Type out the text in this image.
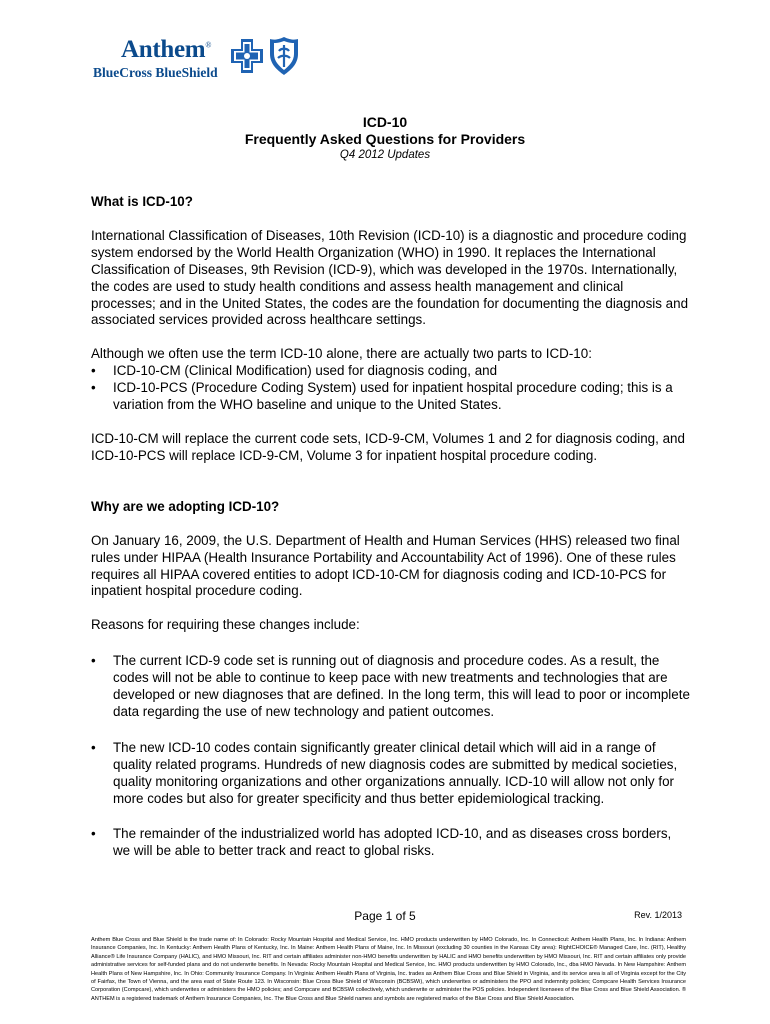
Anthem®
BlueCross BlueShield
ICD-10
Frequently Asked Questions for Providers
Q4 2012 Updates
What is ICD-10?

International Classification of Diseases, 10th Revision (ICD-10) is a diagnostic and procedure coding system endorsed by the World Health Organization (WHO) in 1990. It replaces the International Classification of Diseases, 9th Revision (ICD-9), which was developed in the 1970s. Internationally, the codes are used to study health conditions and assess health management and clinical processes; and in the United States, the codes are the foundation for documenting the diagnosis and associated services provided across healthcare settings.

Although we often use the term ICD-10 alone, there are actually two parts to ICD-10:

•	ICD-10-CM (Clinical Modification) used for diagnosis coding, and
•	ICD-10-PCS (Procedure Coding System) used for inpatient hospital procedure coding; this is a variation from the WHO baseline and unique to the United States.

ICD-10-CM will replace the current code sets, ICD-9-CM, Volumes 1 and 2 for diagnosis coding, and ICD-10-PCS will replace ICD-9-CM, Volume 3 for inpatient hospital procedure coding.

Why are we adopting ICD-10?

On January 16, 2009, the U.S. Department of Health and Human Services (HHS) released two final rules under HIPAA (Health Insurance Portability and Accountability Act of 1996). One of these rules requires all HIPAA covered entities to adopt ICD-10-CM for diagnosis coding and ICD-10-PCS for inpatient hospital procedure coding.

Reasons for requiring these changes include:

•	The current ICD-9 code set is running out of diagnosis and procedure codes. As a result, the codes will not be able to continue to keep pace with new treatments and technologies that are developed or new diagnoses that are defined. In the long term, this will lead to poor or incomplete data regarding the use of new technology and patient outcomes.
•	The new ICD-10 codes contain significantly greater clinical detail which will aid in a range of quality related programs. Hundreds of new diagnosis codes are submitted by medical societies, quality monitoring organizations and other organizations annually. ICD-10 will allow not only for more codes but also for greater specificity and thus better epidemiological tracking.
•	The remainder of the industrialized world has adopted ICD-10, and as diseases cross borders, we will be able to better track and react to global risks.
Page 1 of 5	Rev. 1/2013
Anthem Blue Cross and Blue Shield is the trade name of: In Colorado: Rocky Mountain Hospital and Medical Service, Inc. HMO products underwritten by HMO Colorado, Inc. In Connecticut: Anthem Health Plans, Inc. In Indiana: Anthem Insurance Companies, Inc. In Kentucky: Anthem Health Plans of Kentucky, Inc. In Maine: Anthem Health Plans of Maine, Inc. In Missouri (excluding 30 counties in the Kansas City area): RightCHOICE® Managed Care, Inc. (RIT), Healthy Alliance® Life Insurance Company (HALIC), and HMO Missouri, Inc. RIT and certain affiliates administer non-HMO benefits underwritten by HALIC and HMO benefits underwritten by HMO Missouri, Inc. RIT and certain affiliates only provide administrative services for self-funded plans and do not underwrite benefits. In Nevada: Rocky Mountain Hospital and Medical Service, Inc. HMO products underwritten by HMO Colorado, Inc., dba HMO Nevada. In New Hampshire: Anthem Health Plans of New Hampshire, Inc. In Ohio: Community Insurance Company. In Virginia: Anthem Health Plans of Virginia, Inc. trades as Anthem Blue Cross and Blue Shield in Virginia, and its service area is all of Virginia except for the City of Fairfax, the Town of Vienna, and the area east of State Route 123. In Wisconsin: Blue Cross Blue Shield of Wisconsin (BCBSWi), which underwrites or administers the PPO and indemnity policies; Compcare Health Services Insurance Corporation (Compcare), which underwrites or administers the HMO policies; and Compcare and BCBSWi collectively, which underwrite or administer the POS policies. Independent licensees of the Blue Cross and Blue Shield Association. ® ANTHEM is a registered trademark of Anthem Insurance Companies, Inc. The Blue Cross and Blue Shield names and symbols are registered marks of the Blue Cross and Blue Shield Association.
